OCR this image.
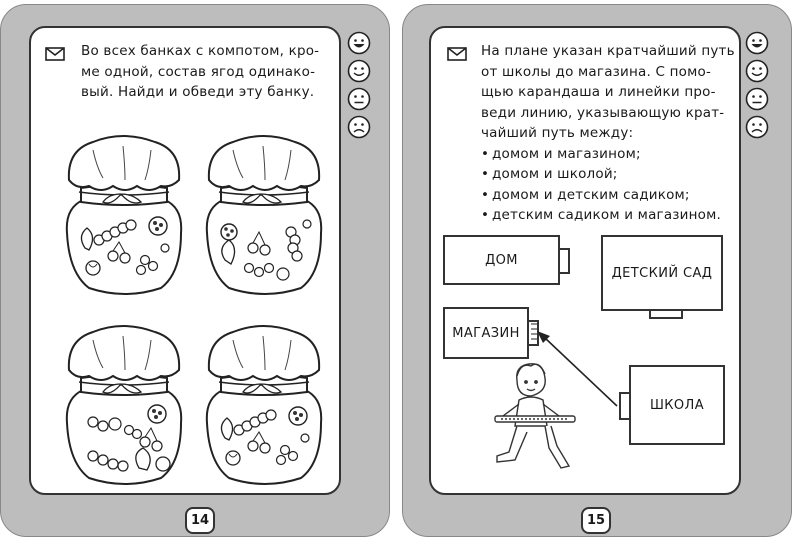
Во всех банках с компотом, кро-
ме одной, состав ягод одинако-
вый. Найди и обведи эту банку.
14
На плане указан кратчайший путь
от школы до магазина. С помо-
щью карандаша и линейки про-
веди линию, указывающую крат-
чайший путь между:
• домом и магазином;
• домом и школой;
• домом и детским садиком;
• детским садиком и магазином.
ДОМ
ДЕТСКИЙ САД
МАГАЗИН
ШКОЛА
15
